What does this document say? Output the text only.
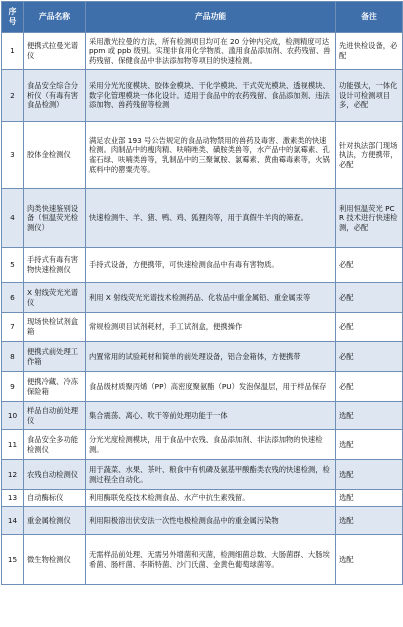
序号	产品名称	产品功能	备注
1	便携式拉曼光谱仪	采用激光拉曼的方法，所有检测项目均可在 20 分钟内完成，检测精度可达 ppm 或 ppb 级别。实现非食用化学物质、滥用食品添加剂、农药残留、兽药残留、保健食品中非法添加物等项目的快速检测。	先进快检设备，必配
2	食品安全综合分析仪（有毒有害食品检测）	采用分光光度模块、胶体金模块、干化学模块、干式荧光模块、透视模块、数字化管理模块一体化设计。适用于食品中的农药残留、食品添加剂、违法添加物、兽药残留等检测	功能强大，一体化设计可检测项目多，必配
3	胶体金检测仪	满足农业部 193 号公告规定的食品动物禁用的兽药及毒害、激素类的快速检测。肉制品中的瘦肉精、呋喃唑类、磺胺类兽等，水产品中的氯霉素、孔雀石绿、呋喃类兽等，乳制品中的三聚氰胺、氯霉素、黄曲霉毒素等，火锅底料中的罂粟壳等。	针对执法部门现场执法，方便携带，必配
4	肉类快速鉴别设备（恒温荧光检测仪）	快速检测牛、羊、猪、鸭、鸡、狐狸肉等，用于真假牛羊肉的筛查。	利用恒温荧光 PCR 技术进行快速检测，必配
5	手持式有毒有害物快速检测仪	手持式设备，方便携带，可快速检测食品中有毒有害物质。	必配
6	X 射线荧光光谱仪	利用 X 射线荧光光谱技术检测药品、化妆品中重金属铅、重金属汞等	必配
7	现场快检试剂盒箱	常规检测项目试剂耗材，手工试剂盒，便携操作	必配
8	便携式前处理工作箱	内置常用的试验耗材和简单的前处理设备，铝合金箱体，方便携带	必配
9	便携冷藏、冷冻保险箱	食品级材质聚丙烯（PP）高密度聚氨酯（PU）发泡保温层，用于样品保存	必配
10	样品自动前处理仪	集合震荡、离心、吹干等前处理功能于一体	选配
11	食品安全多功能检测仪	分光光度检测模块，用于食品中农残、食品添加剂、非法添加物的快速检测。	选配
12	农残自动检测仪	用于蔬菜、水果、茶叶、粮食中有机磷及氨基甲酸酯类农残的快速检测，检测过程全自动化。	选配
13	自动酶标仪	利用酶联免疫技术检测食品、水产中抗生素残留。	选配
14	重金属检测仪	利用阳极溶出伏安法一次性电极检测食品中的重金属污染物	选配
15	微生物检测仪	无需样品前处理、无需另外增菌和灭菌，检测细菌总数、大肠菌群、大肠埃希菌、肠杆菌、李斯特菌、沙门氏菌、金黄色葡萄球菌等。	选配
